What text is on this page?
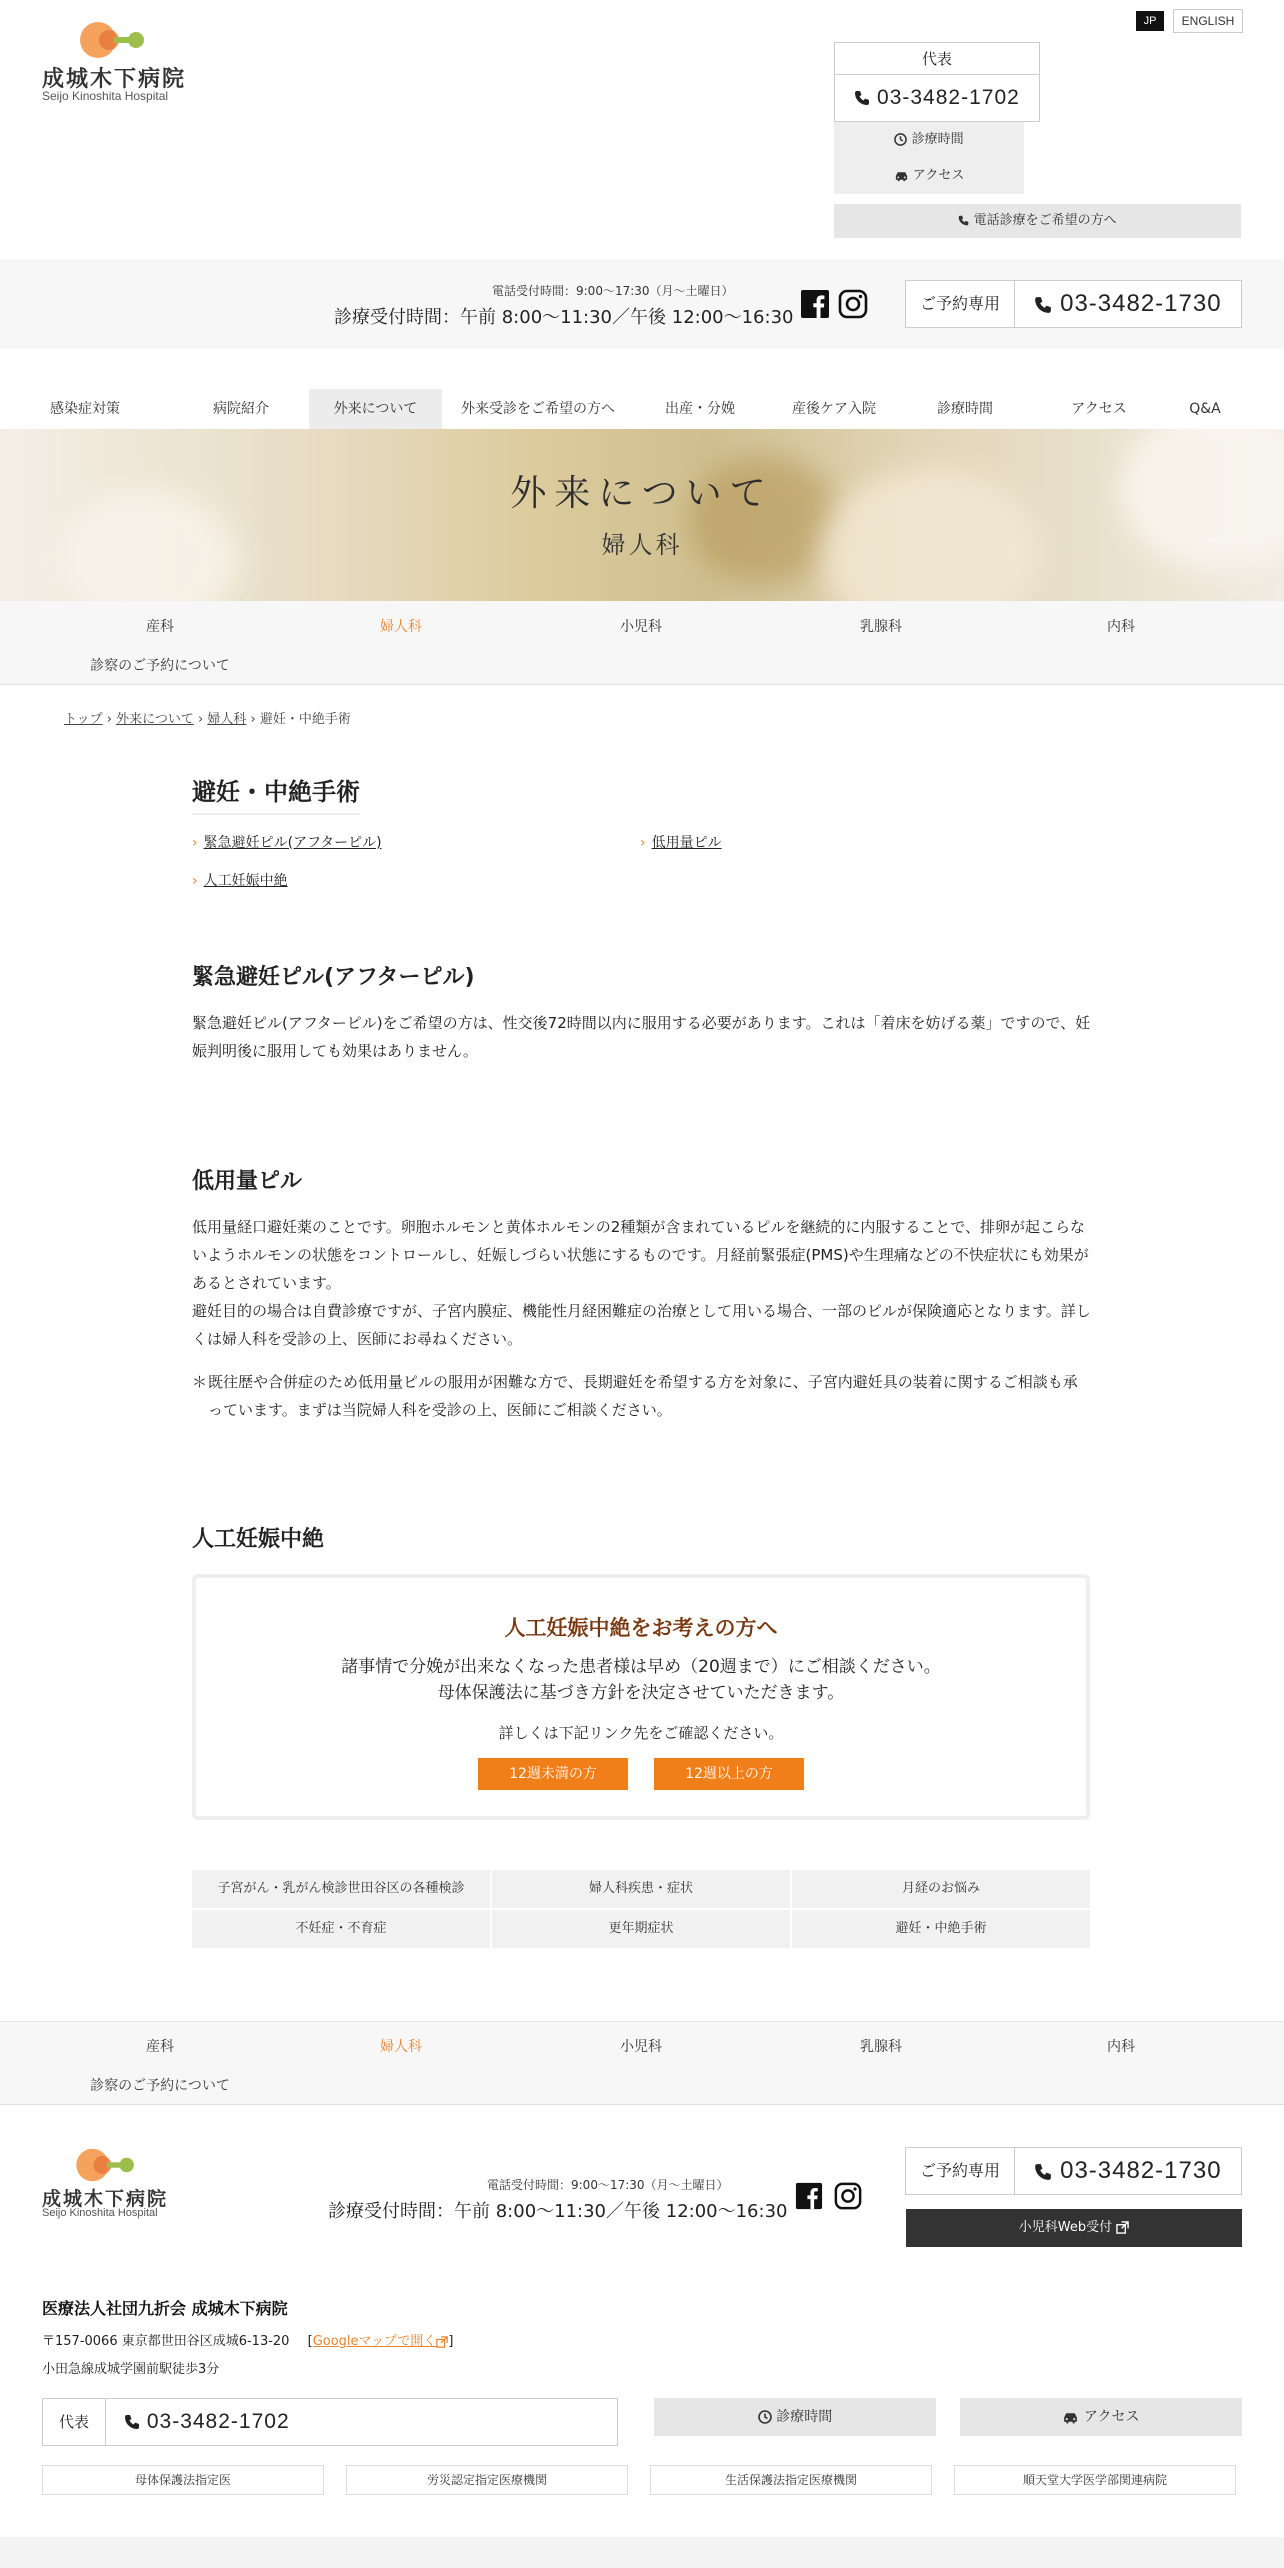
成城木下病院
Seijo Kinoshita Hospital
JP	ENGLISH
代表
03-3482-1702
診療時間
アクセス
電話診療をご希望の方へ
電話受付時間：9:00～17:30（月～土曜日）
診療受付時間：午前 8:00～11:30／午後 12:00～16:30
ご予約専用	03-3482-1730
感染症対策	病院紹介	外来について	外来受診をご希望の方へ	出産・分娩	産後ケア入院	診療時間	アクセス	Q&A
外来について
婦人科
産科	婦人科	小児科	乳腺科	内科
診察のご予約について
トップ › 外来について › 婦人科 › 避妊・中絶手術
避妊・中絶手術
› 緊急避妊ピル(アフターピル)	› 低用量ピル
› 人工妊娠中絶
緊急避妊ピル(アフターピル)
緊急避妊ピル(アフターピル)をご希望の方は、性交後72時間以内に服用する必要があります。これは「着床を妨げる薬」ですので、妊娠判明後に服用しても効果はありません。
低用量ピル
低用量経口避妊薬のことです。卵胞ホルモンと黄体ホルモンの2種類が含まれているピルを継続的に内服することで、排卵が起こらないようホルモンの状態をコントロールし、妊娠しづらい状態にするものです。月経前緊張症(PMS)や生理痛などの不快症状にも効果があるとされています。
避妊目的の場合は自費診療ですが、子宮内膜症、機能性月経困難症の治療として用いる場合、一部のピルが保険適応となります。詳しくは婦人科を受診の上、医師にお尋ねください。
＊ 既往歴や合併症のため低用量ピルの服用が困難な方で、長期避妊を希望する方を対象に、子宮内避妊具の装着に関するご相談も承っています。まずは当院婦人科を受診の上、医師にご相談ください。
人工妊娠中絶
人工妊娠中絶をお考えの方へ
諸事情で分娩が出来なくなった患者様は早め（20週まで）にご相談ください。
母体保護法に基づき方針を決定させていただきます。
詳しくは下記リンク先をご確認ください。
12週未満の方	12週以上の方
子宮がん・乳がん検診世田谷区の各種検診	婦人科疾患・症状	月経のお悩み
不妊症・不育症	更年期症状	避妊・中絶手術
産科	婦人科	小児科	乳腺科	内科
診察のご予約について
成城木下病院
Seijo Kinoshita Hospital
電話受付時間：9:00～17:30（月～土曜日）
診療受付時間：午前 8:00～11:30／午後 12:00～16:30
ご予約専用	03-3482-1730
小児科Web受付
医療法人社団九折会 成城木下病院
〒157-0066 東京都世田谷区成城6-13-20 [Googleマップで開く ]
小田急線成城学園前駅徒歩3分
代表	03-3482-1702	診療時間	アクセス
母体保護法指定医	労災認定指定医療機関	生活保護法指定医療機関	順天堂大学医学部関連病院
